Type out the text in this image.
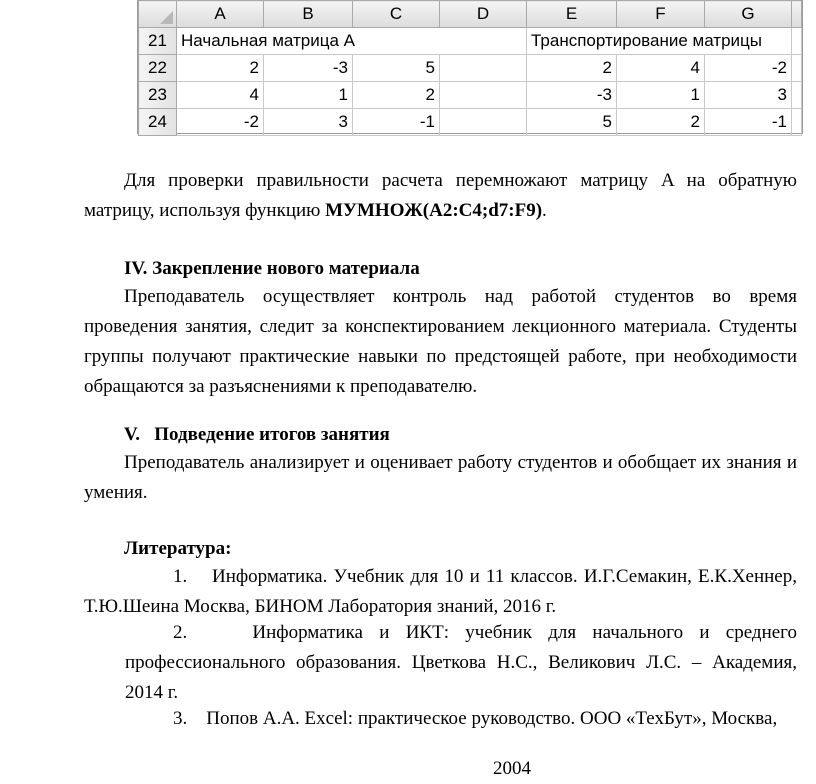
	A	B	C	D	E	F	G	
21	Начальная матрица A				Транспортирование матрицы			
22	2	-3	5		2	4	-2	
23	4	1	2		-3	1	3	
24	-2	3	-1		5	2	-1	

Для проверки правильности расчета перемножают матрицу A на обратную матрицу, используя функцию МУМНОЖ(A2:C4;d7:F9).

IV. Закрепление нового материала

Преподаватель осуществляет контроль над работой студентов во время проведения занятия, следит за конспектированием лекционного материала. Студенты группы получают практические навыки по предстоящей работе, при необходимости обращаются за разъяснениями к преподавателю.

V.   Подведение итогов занятия

Преподаватель анализирует и оценивает работу студентов и обобщает их знания и умения.

Литература:
1. Информатика. Учебник для 10 и 11 классов. И.Г.Семакин, Е.К.Хеннер, Т.Ю.Шеина Москва, БИНОМ Лаборатория знаний, 2016 г.
2.	Информатика и ИКТ: учебник для начального и среднего профессионального образования. Цветкова Н.С., Великович Л.С. – Академия, 2014 г.
3. Попов А.А. Excel: практическое руководство. ООО «ТехБут», Москва,
2004
